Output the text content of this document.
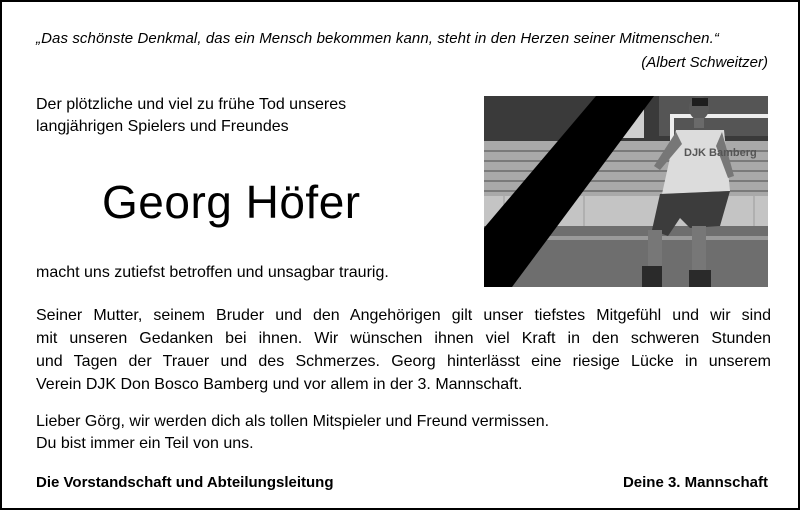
„Das schönste Denkmal, das ein Mensch bekommen kann, steht in den Herzen seiner Mitmenschen.“
(Albert Schweitzer)
Der plötzliche und viel zu frühe Tod unseres
langjährigen Spielers und Freundes
Georg Höfer
macht uns zutiefst betroffen und unsagbar traurig.
DJK Bamberg
Seiner Mutter, seinem Bruder und den Angehörigen gilt unser tiefstes Mitgefühl und wir sind
mit unseren Gedanken bei ihnen. Wir wünschen ihnen viel Kraft in den schweren Stunden
und Tagen der Trauer und des Schmerzes. Georg hinterlässt eine riesige Lücke in unserem
Verein DJK Don Bosco Bamberg und vor allem in der 3. Mannschaft.
Lieber Görg, wir werden dich als tollen Mitspieler und Freund vermissen.
Du bist immer ein Teil von uns.
Die Vorstandschaft und Abteilungsleitung	Deine 3. Mannschaft
